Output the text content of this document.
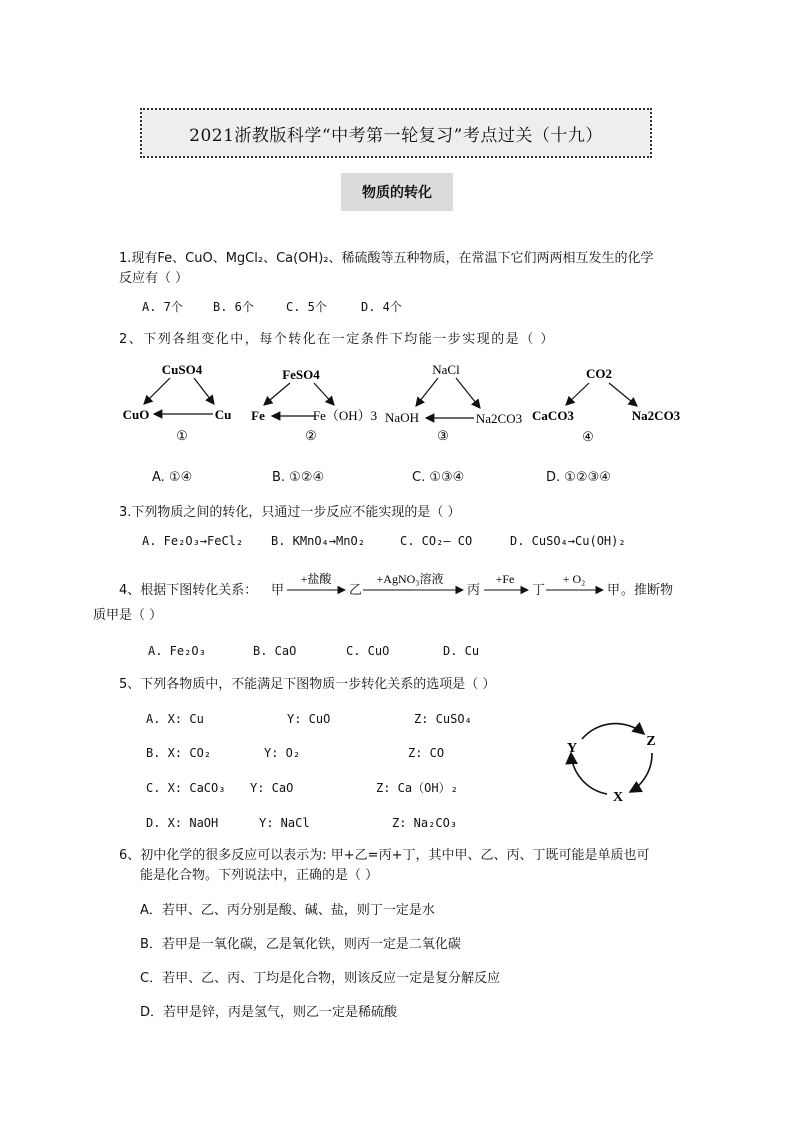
2021浙教版科学“中考第一轮复习”考点过关（十九）
物质的转化
1.现有Fe、CuO、MgCl₂、Ca(OH)₂、稀硫酸等五种物质，在常温下它们两两相互发生的化学
反应有（ ）
A. 7个	B. 6个	C. 5个	D. 4个
2、下列各组变化中，每个转化在一定条件下均能一步实现的是（ ）
CuSO4
CuO	Cu
①
FeSO4
Fe	Fe（OH）3
②
NaCl
NaOH	Na2CO3
③
CO2
CaCO3	Na2CO3
④
+盐酸	+AgNO₃溶液	+Fe	+ O₂
Y	Z
X
A. ①④	B. ①②④	C. ①③④	D. ①②③④
3.下列物质之间的转化，只通过一步反应不能实现的是（ ）
A. Fe₂O₃→FeCl₂ B. KMnO₄→MnO₂	C. CO₂— CO	D. CuSO₄→Cu(OH)₂
4、根据下图转化关系： 甲	乙	丙	丁	甲 。推断物
质甲是（ ）
A. Fe₂O₃	B. CaO	C. CuO	D. Cu
5、下列各物质中，不能满足下图物质一步转化关系的选项是（ ）
A. X: Cu	Y: CuO	Z: CuSO₄
B. X: CO₂	Y: O₂	Z: CO
C. X: CaCO₃ Y: CaO	Z: Ca（OH）₂
D. X: NaOH	Y: NaCl	Z: Na₂CO₃
6、初中化学的很多反应可以表示为: 甲+乙=丙+丁，其中甲、乙、丙、丁既可能是单质也可
能是化合物。下列说法中，正确的是（ ）
A．若甲、乙、丙分别是酸、碱、盐，则丁一定是水
B．若甲是一氧化碳，乙是氧化铁，则丙一定是二氧化碳
C．若甲、乙、丙、丁均是化合物，则该反应一定是复分解反应
D．若甲是锌，丙是氢气，则乙一定是稀硫酸
